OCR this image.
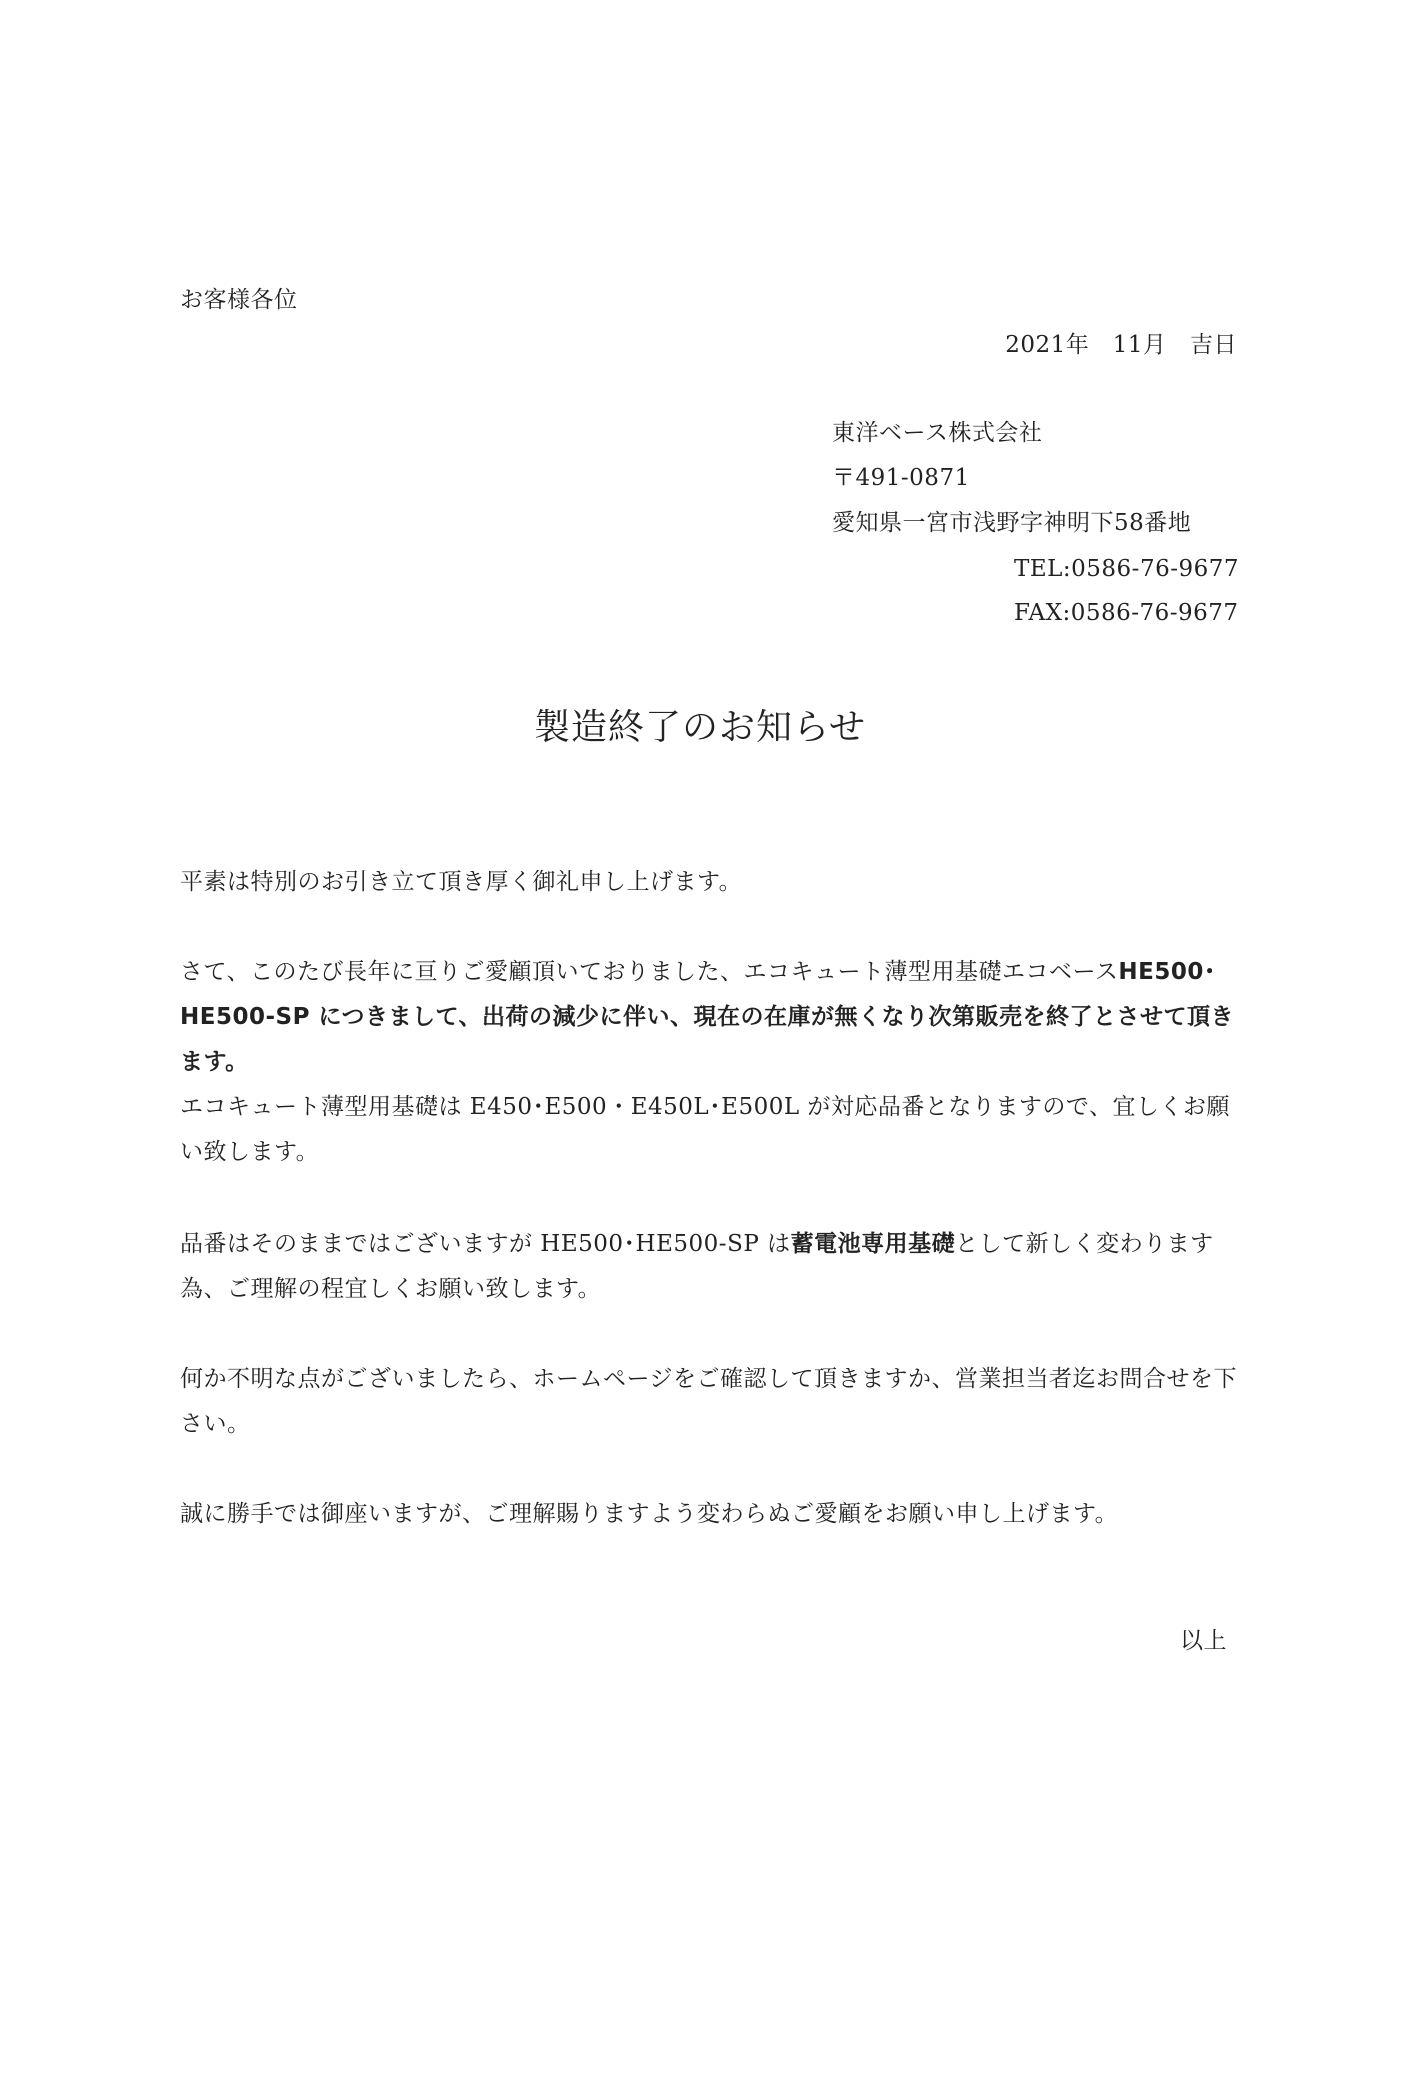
お客様各位
2021年　11月　吉日
東洋ベース株式会社
〒491-0871
愛知県一宮市浅野字神明下58番地
TEL:0586-76-9677
FAX:0586-76-9677
製造終了のお知らせ
平素は特別のお引き立て頂き厚く御礼申し上げます。
さて、このたび長年に亘りご愛顧頂いておりました、エコキュート薄型用基礎エコベースHE500･HE500-SP につきまして、出荷の減少に伴い、現在の在庫が無くなり次第販売を終了とさせて頂きます。
エコキュート薄型用基礎は E450･E500・E450L･E500L が対応品番となりますので、宜しくお願い致します。
品番はそのままではございますが HE500･HE500-SP は蓄電池専用基礎として新しく変わります為、ご理解の程宜しくお願い致します。
何か不明な点がございましたら、ホームページをご確認して頂きますか、営業担当者迄お問合せを下さい。
誠に勝手では御座いますが、ご理解賜りますよう変わらぬご愛顧をお願い申し上げます。
以上
